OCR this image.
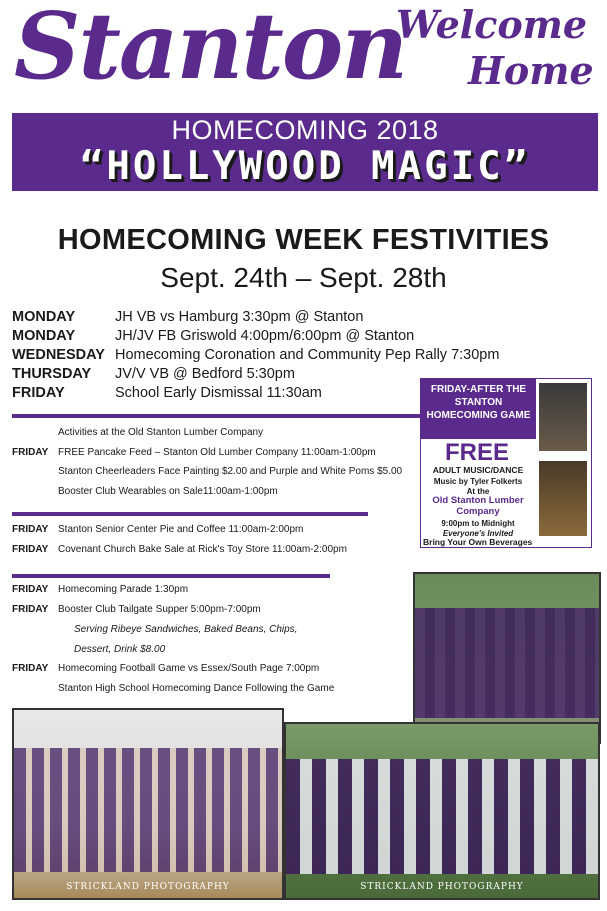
Stanton
Welcome
Home
HOMECOMING 2018
“HOLLYWOOD MAGIC”
HOMECOMING WEEK FESTIVITIES
Sept. 24th – Sept. 28th
MONDAY	JH VB vs Hamburg 3:30pm @ Stanton
MONDAY	JH/JV FB Griswold 4:00pm/6:00pm @ Stanton
WEDNESDAY Homecoming Coronation and Community Pep Rally 7:30pm
THURSDAY JV/V VB @ Bedford 5:30pm
FRIDAY	School Early Dismissal 11:30am
Activities at the Old Stanton Lumber Company
FRIDAY FREE Pancake Feed – Stanton Old Lumber Company 11:00am-1:00pm
Stanton Cheerleaders Face Painting $2.00 and Purple and White Poms $5.00
Booster Club Wearables on Sale11:00am-1:00pm
FRIDAY Stanton Senior Center Pie and Coffee 11:00am-2:00pm
FRIDAY Covenant Church Bake Sale at Rick's Toy Store 11:00am-2:00pm
FRIDAY Homecoming Parade 1:30pm
FRIDAY Booster Club Tailgate Supper 5:00pm-7:00pm
Serving Ribeye Sandwiches, Baked Beans, Chips,
Dessert, Drink $8.00
FRIDAY Homecoming Football Game vs Essex/South Page 7:00pm
Stanton High School Homecoming Dance Following the Game
FRIDAY-AFTER THE STANTON HOMECOMING GAME
FREE
ADULT MUSIC/DANCE
Music by Tyler Folkerts
At the
Old Stanton Lumber Company
9:00pm to Midnight
Everyone's Invited
Bring Your Own Beverages
STRICKLAND PHOTOGRAPHY	STRICKLAND PHOTOGRAPHY
